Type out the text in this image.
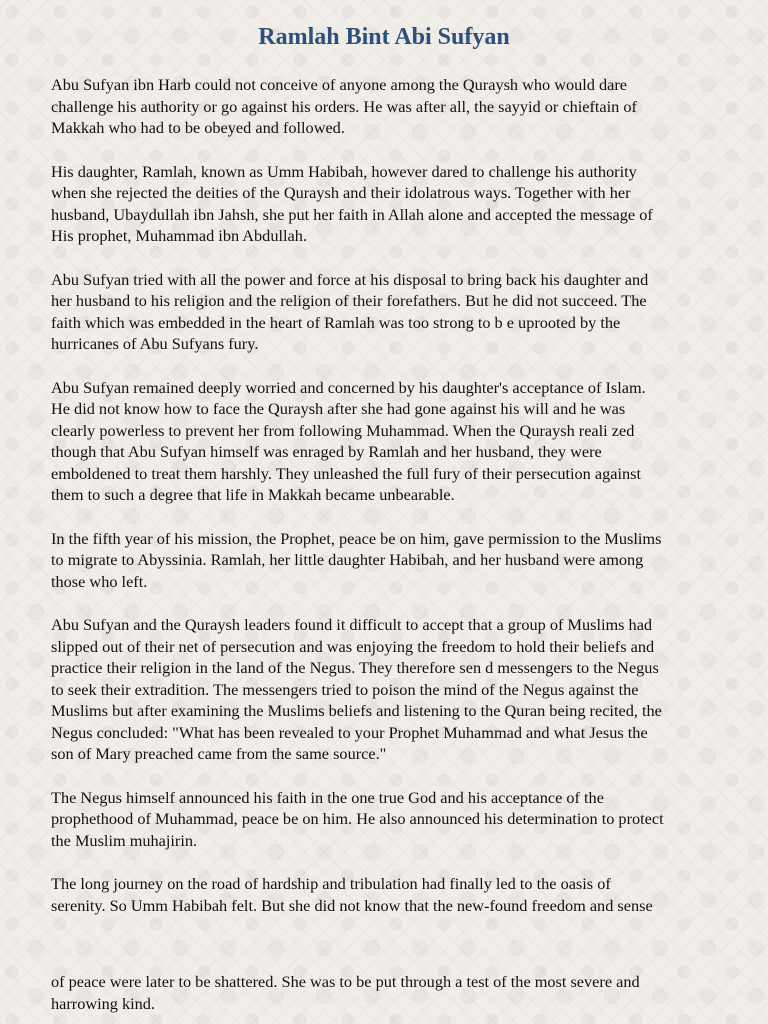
Ramlah Bint Abi Sufyan

Abu Sufyan ibn Harb could not conceive of anyone among the Quraysh who would dare
challenge his authority or go against his orders. He was after all, the sayyid or chieftain of
Makkah who had to be obeyed and followed.

His daughter, Ramlah, known as Umm Habibah, however dared to challenge his authority
when she rejected the deities of the Quraysh and their idolatrous ways. Together with her
husband, Ubaydullah ibn Jahsh, she put her faith in Allah alone and accepted the message of
His prophet, Muhammad ibn Abdullah.

Abu Sufyan tried with all the power and force at his disposal to bring back his daughter and
her husband to his religion and the religion of their forefathers. But he did not succeed. The
faith which was embedded in the heart of Ramlah was too strong to b e uprooted by the
hurricanes of Abu Sufyans fury.

Abu Sufyan remained deeply worried and concerned by his daughter's acceptance of Islam.
He did not know how to face the Quraysh after she had gone against his will and he was
clearly powerless to prevent her from following Muhammad. When the Quraysh reali zed
though that Abu Sufyan himself was enraged by Ramlah and her husband, they were
emboldened to treat them harshly. They unleashed the full fury of their persecution against
them to such a degree that life in Makkah became unbearable.

In the fifth year of his mission, the Prophet, peace be on him, gave permission to the Muslims
to migrate to Abyssinia. Ramlah, her little daughter Habibah, and her husband were among
those who left.

Abu Sufyan and the Quraysh leaders found it difficult to accept that a group of Muslims had
slipped out of their net of persecution and was enjoying the freedom to hold their beliefs and
practice their religion in the land of the Negus. They therefore sen d messengers to the Negus
to seek their extradition. The messengers tried to poison the mind of the Negus against the
Muslims but after examining the Muslims beliefs and listening to the Quran being recited, the
Negus concluded: "What has been revealed to your Prophet Muhammad and what Jesus the
son of Mary preached came from the same source."

The Negus himself announced his faith in the one true God and his acceptance of the
prophethood of Muhammad, peace be on him. He also announced his determination to protect
the Muslim muhajirin.

The long journey on the road of hardship and tribulation had finally led to the oasis of
serenity. So Umm Habibah felt. But she did not know that the new-found freedom and sense

of peace were later to be shattered. She was to be put through a test of the most severe and
harrowing kind.
